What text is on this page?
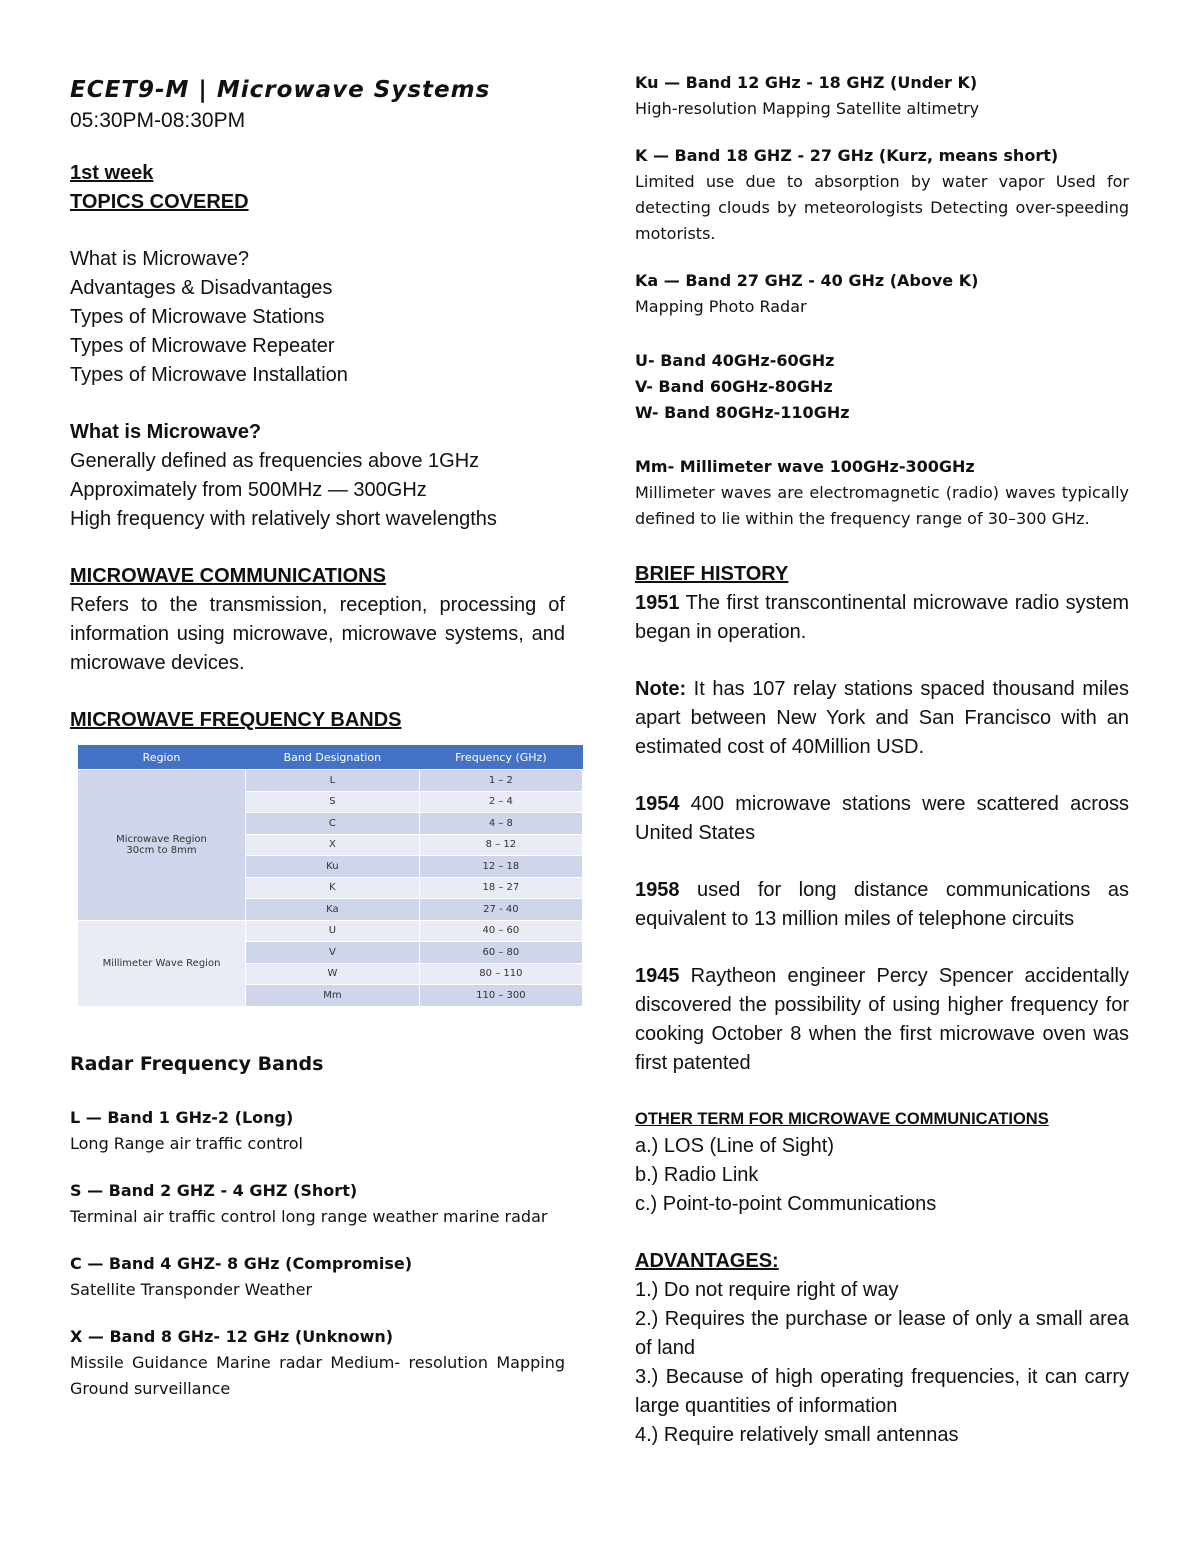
ECET9-M | Microwave Systems
05:30PM-08:30PM
1st week
TOPICS COVERED
What is Microwave?
Advantages & Disadvantages
Types of Microwave Stations
Types of Microwave Repeater
Types of Microwave Installation
What is Microwave?
Generally defined as frequencies above 1GHz
Approximately from 500MHz — 300GHz
High frequency with relatively short wavelengths
MICROWAVE COMMUNICATIONS

Refers to the transmission, reception, processing of information using microwave, microwave systems, and microwave devices.

MICROWAVE FREQUENCY BANDS
Region	Band Designation	Frequency (GHz)
Microwave Region
30cm to 8mm	L	1 – 2
	S	2 – 4
	C	4 – 8
	X	8 – 12
	Ku	12 – 18
	K	18 – 27
	Ka	27 - 40
Millimeter Wave Region	U	40 – 60
	V	60 – 80
	W	80 – 110
	Mm	110 – 300
Radar Frequency Bands
L — Band 1 GHz-2 (Long)
Long Range air traffic control
S — Band 2 GHZ - 4 GHZ (Short)
Terminal air traffic control long range weather marine radar
C — Band 4 GHZ- 8 GHz (Compromise)
Satellite Transponder Weather
X — Band 8 GHz- 12 GHz (Unknown)
Missile Guidance Marine radar Medium- resolution Mapping Ground surveillance
Ku — Band 12 GHz - 18 GHZ (Under K)
High-resolution Mapping Satellite altimetry
K — Band 18 GHZ - 27 GHz (Kurz, means short)
Limited use due to absorption by water vapor Used for detecting clouds by meteorologists Detecting over-speeding motorists.
Ka — Band 27 GHZ - 40 GHz (Above K)
Mapping Photo Radar
U- Band 40GHz-60GHz
V- Band 60GHz-80GHz
W- Band 80GHz-110GHz
Mm- Millimeter wave 100GHz-300GHz
Millimeter waves are electromagnetic (radio) waves typically defined to lie within the frequency range of 30–300 GHz.
BRIEF HISTORY

1951 The first transcontinental microwave radio system began in operation.

Note: It has 107 relay stations spaced thousand miles apart between New York and San Francisco with an estimated cost of 40Million USD.

1954 400 microwave stations were scattered across United States

1958 used for long distance communications as equivalent to 13 million miles of telephone circuits

1945 Raytheon engineer Percy Spencer accidentally discovered the possibility of using higher frequency for cooking October 8 when the first microwave oven was first patented

OTHER TERM FOR MICROWAVE COMMUNICATIONS
a.) LOS (Line of Sight)
b.) Radio Link
c.) Point-to-point Communications
ADVANTAGES:

1.) Do not require right of way

2.) Requires the purchase or lease of only a small area of land

3.) Because of high operating frequencies, it can carry large quantities of information

4.) Require relatively small antennas
